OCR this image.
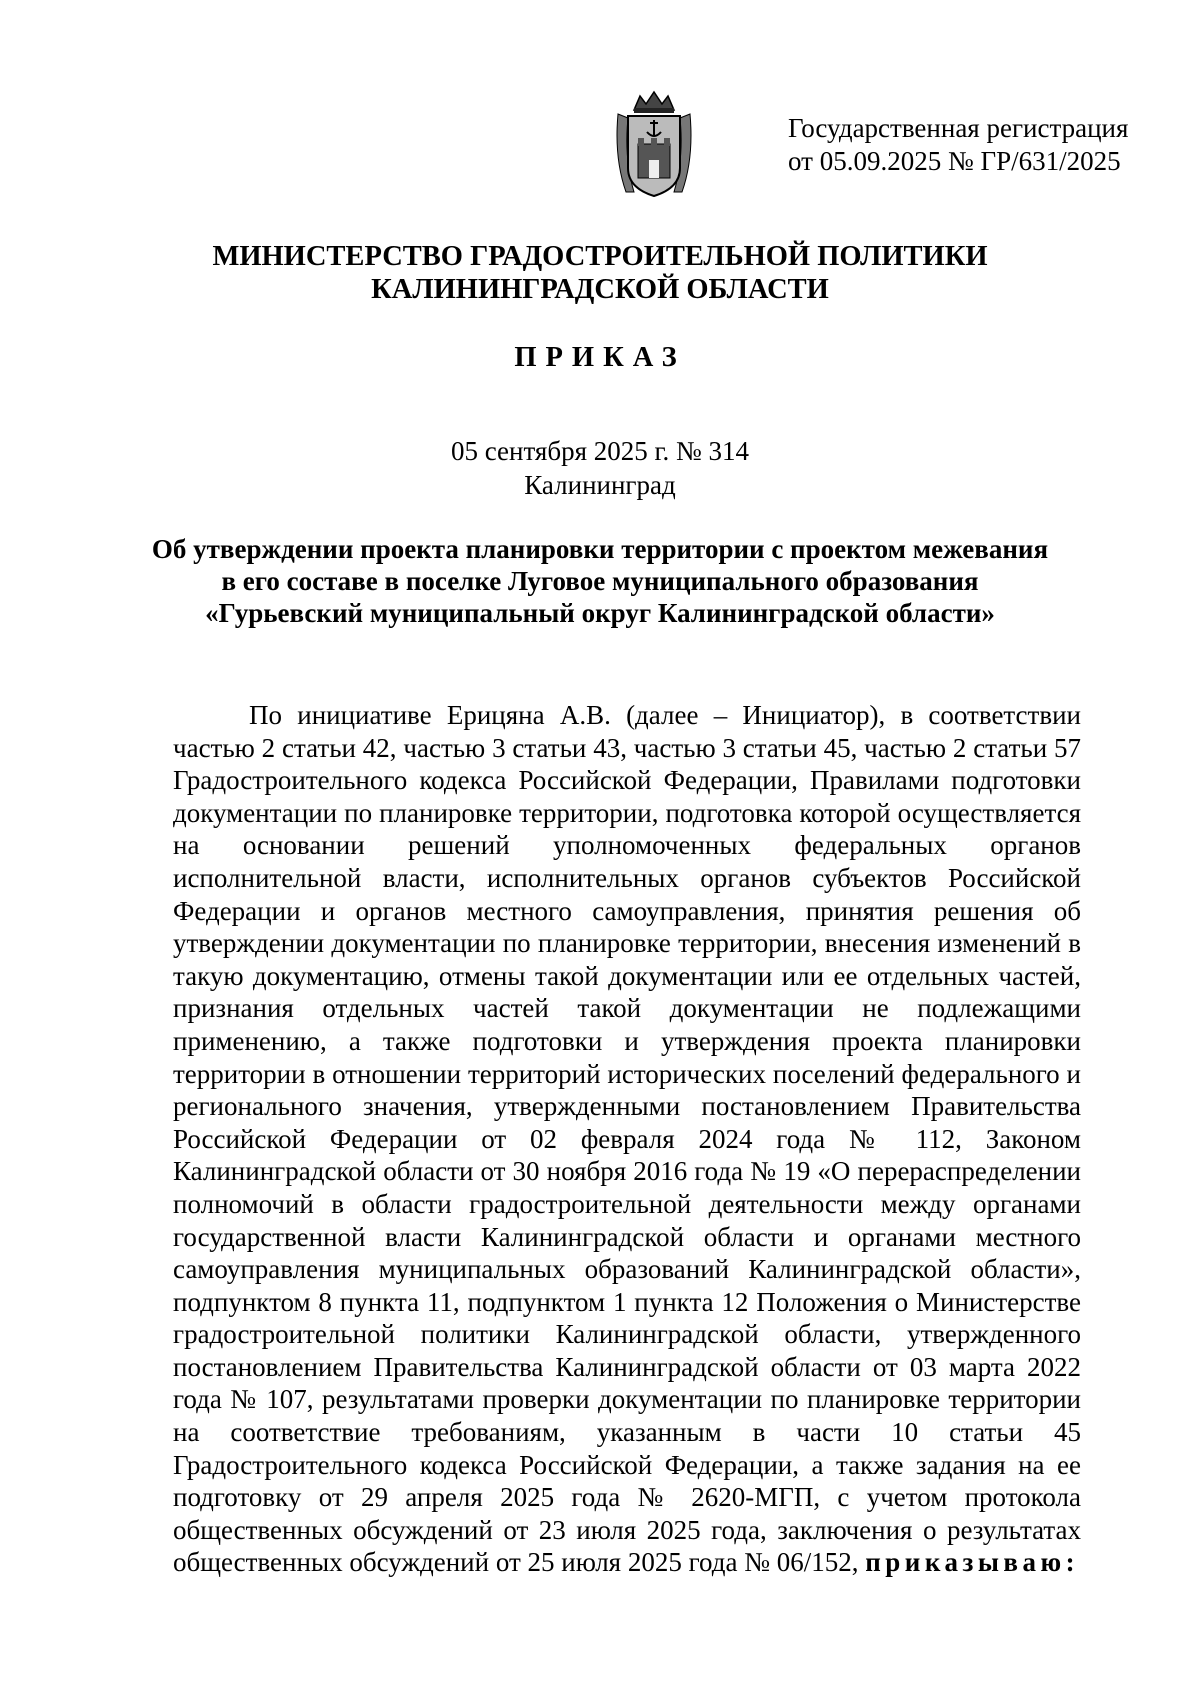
Государственная регистрация
от 05.09.2025 № ГР/631/2025
МИНИСТЕРСТВО ГРАДОСТРОИТЕЛЬНОЙ ПОЛИТИКИ
КАЛИНИНГРАДСКОЙ ОБЛАСТИ
ПРИКАЗ
05 сентября 2025 г. № 314
Калининград
Об утверждении проекта планировки территории с проектом межевания
в его составе в поселке Луговое муниципального образования
«Гурьевский муниципальный округ Калининградской области»

По инициативе Ерицяна А.В. (далее – Инициатор), в соответствии частью 2 статьи 42, частью 3 статьи 43, частью 3 статьи 45, частью 2 статьи 57 Градостроительного кодекса Российской Федерации, Правилами подготовки документации по планировке территории, подготовка которой осуществляется на основании решений уполномоченных федеральных органов исполнительной власти, исполнительных органов субъектов Российской Федерации и органов местного самоуправления, принятия решения об утверждении документации по планировке территории, внесения изменений в такую документацию, отмены такой документации или ее отдельных частей, признания отдельных частей такой документации не подлежащими применению, а также подготовки и утверждения проекта планировки территории в отношении территорий исторических поселений федерального и регионального значения, утвержденными постановлением Правительства Российской Федерации от 02 февраля 2024 года № 112, Законом Калининградской области от 30 ноября 2016 года № 19 «О перераспределении полномочий в области градостроительной деятельности между органами государственной власти Калининградской области и органами местного самоуправления муниципальных образований Калининградской области», подпунктом 8 пункта 11, подпунктом 1 пункта 12 Положения о Министерстве градостроительной политики Калининградской области, утвержденного постановлением Правительства Калининградской области от 03 марта 2022 года № 107, результатами проверки документации по планировке территории на соответствие требованиям, указанным в части 10 статьи 45 Градостроительного кодекса Российской Федерации, а также задания на ее подготовку от 29 апреля 2025 года № 2620-МГП, с учетом протокола общественных обсуждений от 23 июля 2025 года, заключения о результатах общественных обсуждений от 25 июля 2025 года № 06/152, приказываю:
